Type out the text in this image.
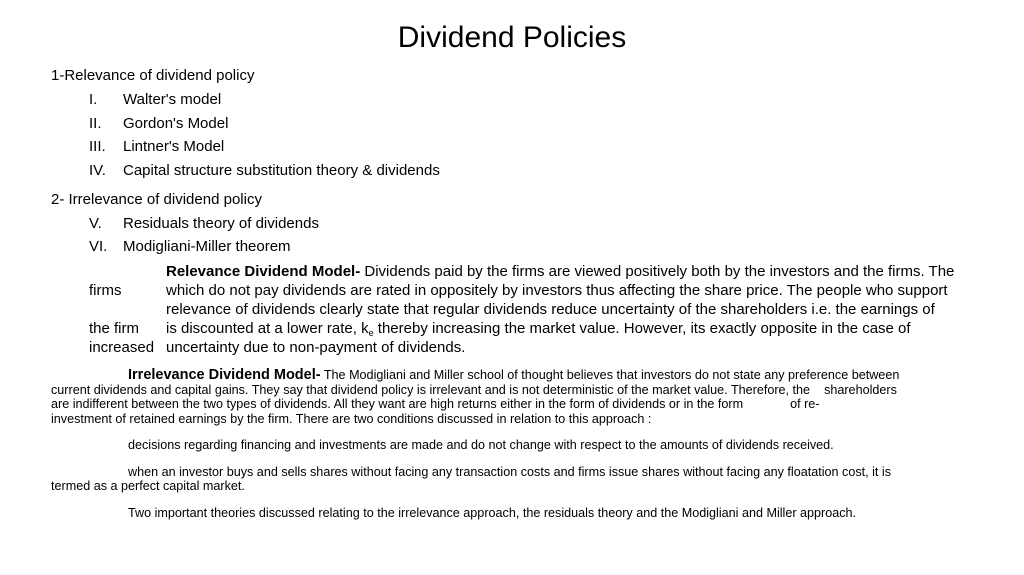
Dividend Policies
1-Relevance of dividend policy
I. Walter's model
II. Gordon's Model
III. Lintner's Model
IV. Capital structure substitution theory & dividends
2- Irrelevance of dividend policy
V. Residuals theory of dividends
VI. Modigliani-Miller theorem
Relevance Dividend Model- Dividends paid by the firms are viewed positively both by the investors and the firms. The
firms	which do not pay dividends are rated in oppositely by investors thus affecting the share price. The people who support
relevance of dividends clearly state that regular dividends reduce uncertainty of the shareholders i.e. the earnings of
the firm is discounted at a lower rate, $k_e$ thereby increasing the market value. However, its exactly opposite in the case of
increased uncertainty due to non-payment of dividends.
Irrelevance Dividend Model- The Modigliani and Miller school of thought believes that investors do not state any preference between
current dividends and capital gains. They say that dividend policy is irrelevant and is not deterministic of the market value. Therefore, the shareholders
are indifferent between the two types of dividends. All they want are high returns either in the form of dividends or in the form	of re-
investment of retained earnings by the firm. There are two conditions discussed in relation to this approach :
decisions regarding financing and investments are made and do not change with respect to the amounts of dividends received.
when an investor buys and sells shares without facing any transaction costs and firms issue shares without facing any floatation cost, it is
termed as a perfect capital market.
Two important theories discussed relating to the irrelevance approach, the residuals theory and the Modigliani and Miller approach.
